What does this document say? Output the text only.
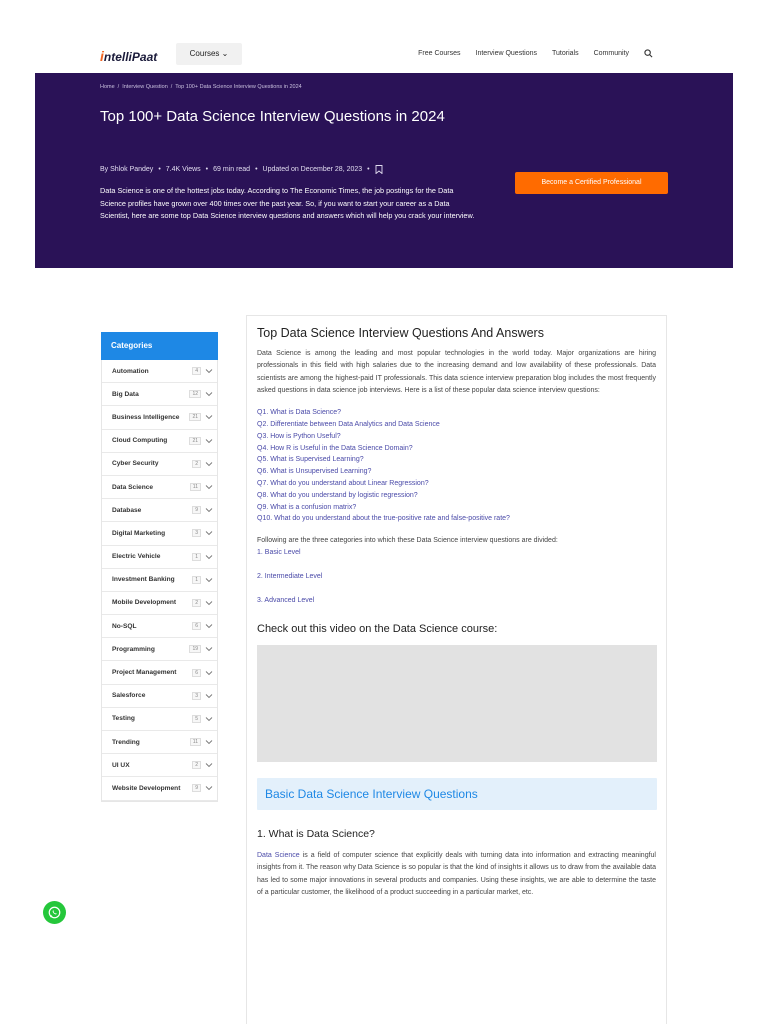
intelliPaat	Courses ⌄	Free Courses Interview Questions Tutorials Community
Home / Interview Question / Top 100+ Data Science Interview Questions in 2024
Top 100+ Data Science Interview Questions in 2024
By Shlok Pandey • 7.4K Views • 69 min read • Updated on December 28, 2023 •

Data Science is one of the hottest jobs today. According to The Economic Times, the job postings for the Data Science profiles have grown over 400 times over the past year. So, if you want to start your career as a Data Scientist, here are some top Data Science interview questions and answers which will help you crack your interview.

Become a Certified Professional
Categories
Automation	4
Big Data	12
Business Intelligence	21
Cloud Computing	21
Cyber Security	2
Data Science	11
Database	9
Digital Marketing	3
Electric Vehicle	1
Investment Banking	1
Mobile Development	2
No-SQL	6
Programming	19
Project Management	6
Salesforce	3
Testing	5
Trending	11
UI UX	2
Website Development	9
Top Data Science Interview Questions And Answers

Data Science is among the leading and most popular technologies in the world today. Major organizations are hiring professionals in this field with high salaries due to the increasing demand and low availability of these professionals. Data scientists are among the highest-paid IT professionals. This data science interview preparation blog includes the most frequently asked questions in data science job interviews. Here is a list of these popular data science interview questions:

Q1. What is Data Science?
Q2. Differentiate between Data Analytics and Data Science
Q3. How is Python Useful?
Q4. How R is Useful in the Data Science Domain?
Q5. What is Supervised Learning?
Q6. What is Unsupervised Learning?
Q7. What do you understand about Linear Regression?
Q8. What do you understand by logistic regression?
Q9. What is a confusion matrix?
Q10. What do you understand about the true-positive rate and false-positive rate?

Following are the three categories into which these Data Science interview questions are divided:

1. Basic Level
2. Intermediate Level
3. Advanced Level
Check out this video on the Data Science course:
Basic Data Science Interview Questions
1. What is Data Science?

Data Science is a field of computer science that explicitly deals with turning data into information and extracting meaningful insights from it. The reason why Data Science is so popular is that the kind of insights it allows us to draw from the available data has led to some major innovations in several products and companies. Using these insights, we are able to determine the taste of a particular customer, the likelihood of a product succeeding in a particular market, etc.
